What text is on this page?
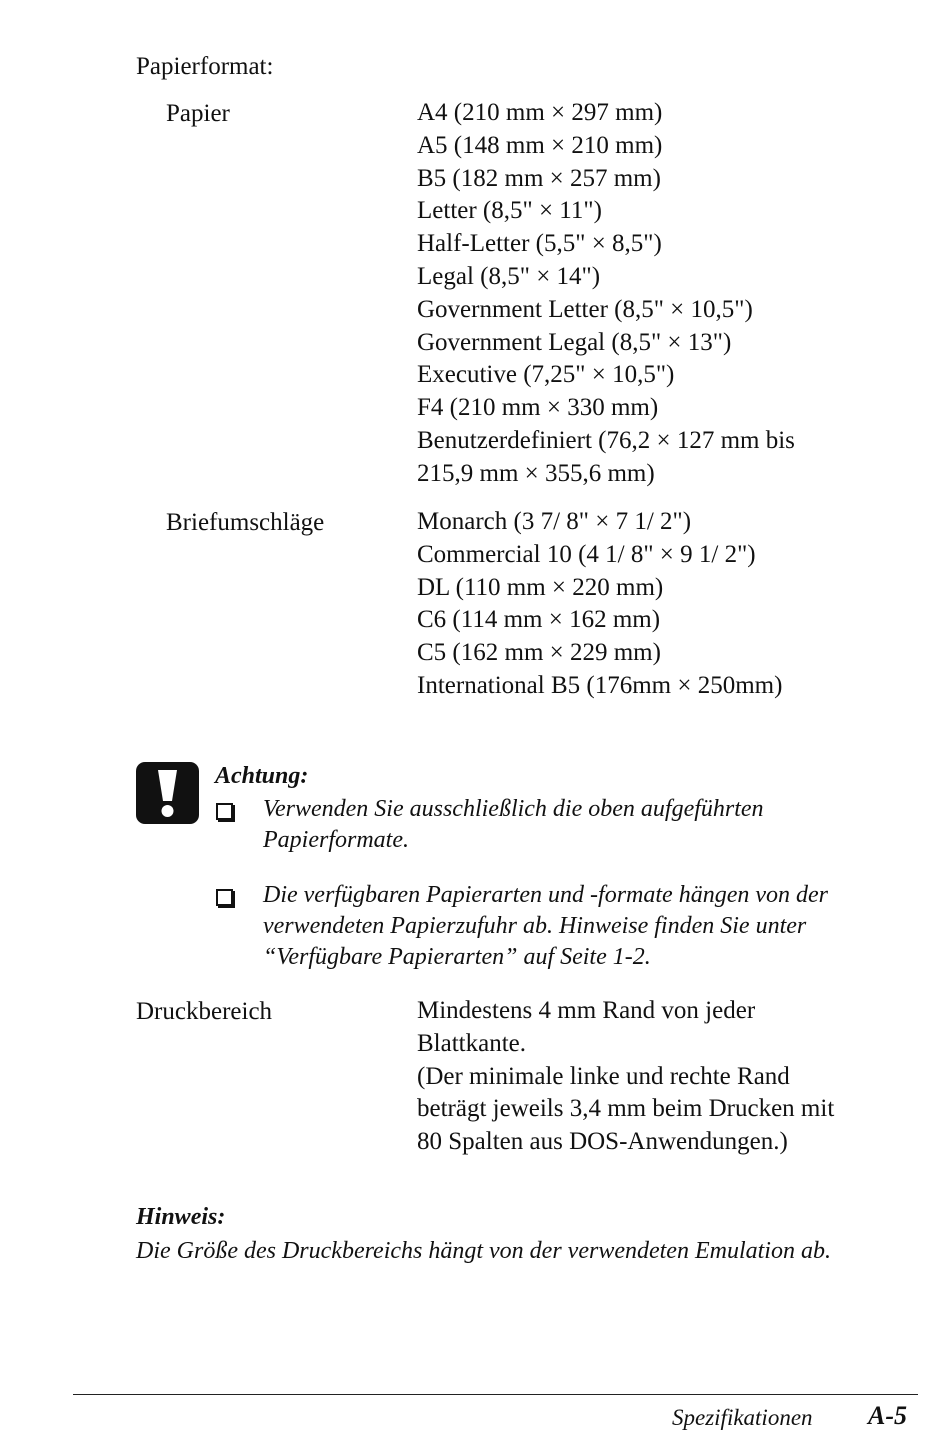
Papierformat:
Papier	A4 (210 mm × 297 mm)
A5 (148 mm × 210 mm)
B5 (182 mm × 257 mm)
Letter (8,5" × 11")
Half-Letter (5,5" × 8,5")
Legal (8,5" × 14")
Government Letter (8,5" × 10,5")
Government Legal (8,5" × 13")
Executive (7,25" × 10,5")
F4 (210 mm × 330 mm)
Benutzerdefiniert (76,2 × 127 mm bis
215,9 mm × 355,6 mm)
Briefumschläge	Monarch (3 7/ 8" × 7 1/ 2")
Commercial 10 (4 1/ 8" × 9 1/ 2")
DL (110 mm × 220 mm)
C6 (114 mm × 162 mm)
C5 (162 mm × 229 mm)
International B5 (176mm × 250mm)
Achtung:
Verwenden Sie ausschließlich die oben aufgeführten
Papierformate.
Die verfügbaren Papierarten und -formate hängen von der
verwendeten Papierzufuhr ab. Hinweise finden Sie unter
“Verfügbare Papierarten” auf Seite 1-2.
Druckbereich	Mindestens 4 mm Rand von jeder
Blattkante.
(Der minimale linke und rechte Rand
beträgt jeweils 3,4 mm beim Drucken mit
80 Spalten aus DOS-Anwendungen.)
Hinweis:
Die Größe des Druckbereichs hängt von der verwendeten Emulation ab.
Spezifikationen A-5
